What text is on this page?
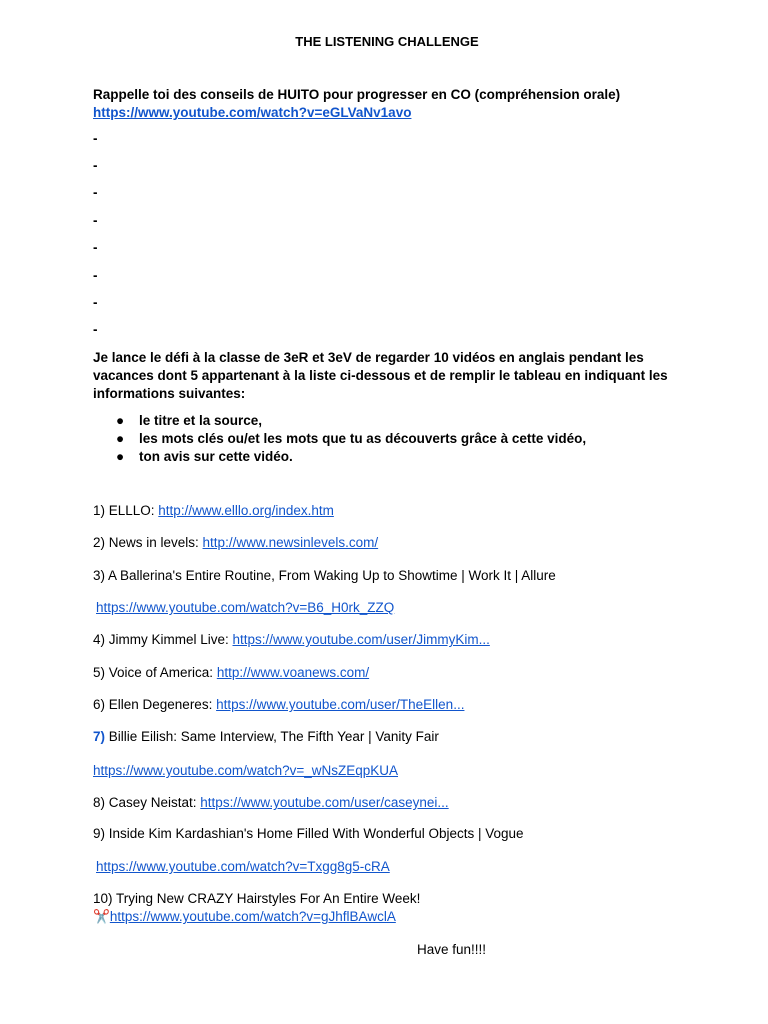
THE LISTENING CHALLENGE
Rappelle toi des conseils de HUITO pour progresser en CO (compréhension orale)
https://www.youtube.com/watch?v=eGLVaNv1avo
-
-
-
-
-
-
-
-
Je lance le défi à la classe de 3eR et 3eV de regarder 10 vidéos en anglais pendant les vacances dont 5 appartenant à la liste ci-dessous et de remplir le tableau en indiquant les informations suivantes:
● le titre et la source,
● les mots clés ou/et les mots que tu as découverts grâce à cette vidéo,
● ton avis sur cette vidéo.
1) ELLLO: http://www.elllo.org/index.htm
2) News in levels: http://www.newsinlevels.com/
3) A Ballerina's Entire Routine, From Waking Up to Showtime | Work It | Allure
https://www.youtube.com/watch?v=B6_H0rk_ZZQ
4) Jimmy Kimmel Live: https://www.youtube.com/user/JimmyKim...
5) Voice of America: http://www.voanews.com/
6) Ellen Degeneres: https://www.youtube.com/user/TheEllen...
7) Billie Eilish: Same Interview, The Fifth Year | Vanity Fair
https://www.youtube.com/watch?v=_wNsZEqpKUA
8) Casey Neistat: https://www.youtube.com/user/caseynei...
9) Inside Kim Kardashian's Home Filled With Wonderful Objects | Vogue
https://www.youtube.com/watch?v=Txgg8g5-cRA
10) Trying New CRAZY Hairstyles For An Entire Week!
✂️https://www.youtube.com/watch?v=gJhflBAwclA
Have fun!!!!
